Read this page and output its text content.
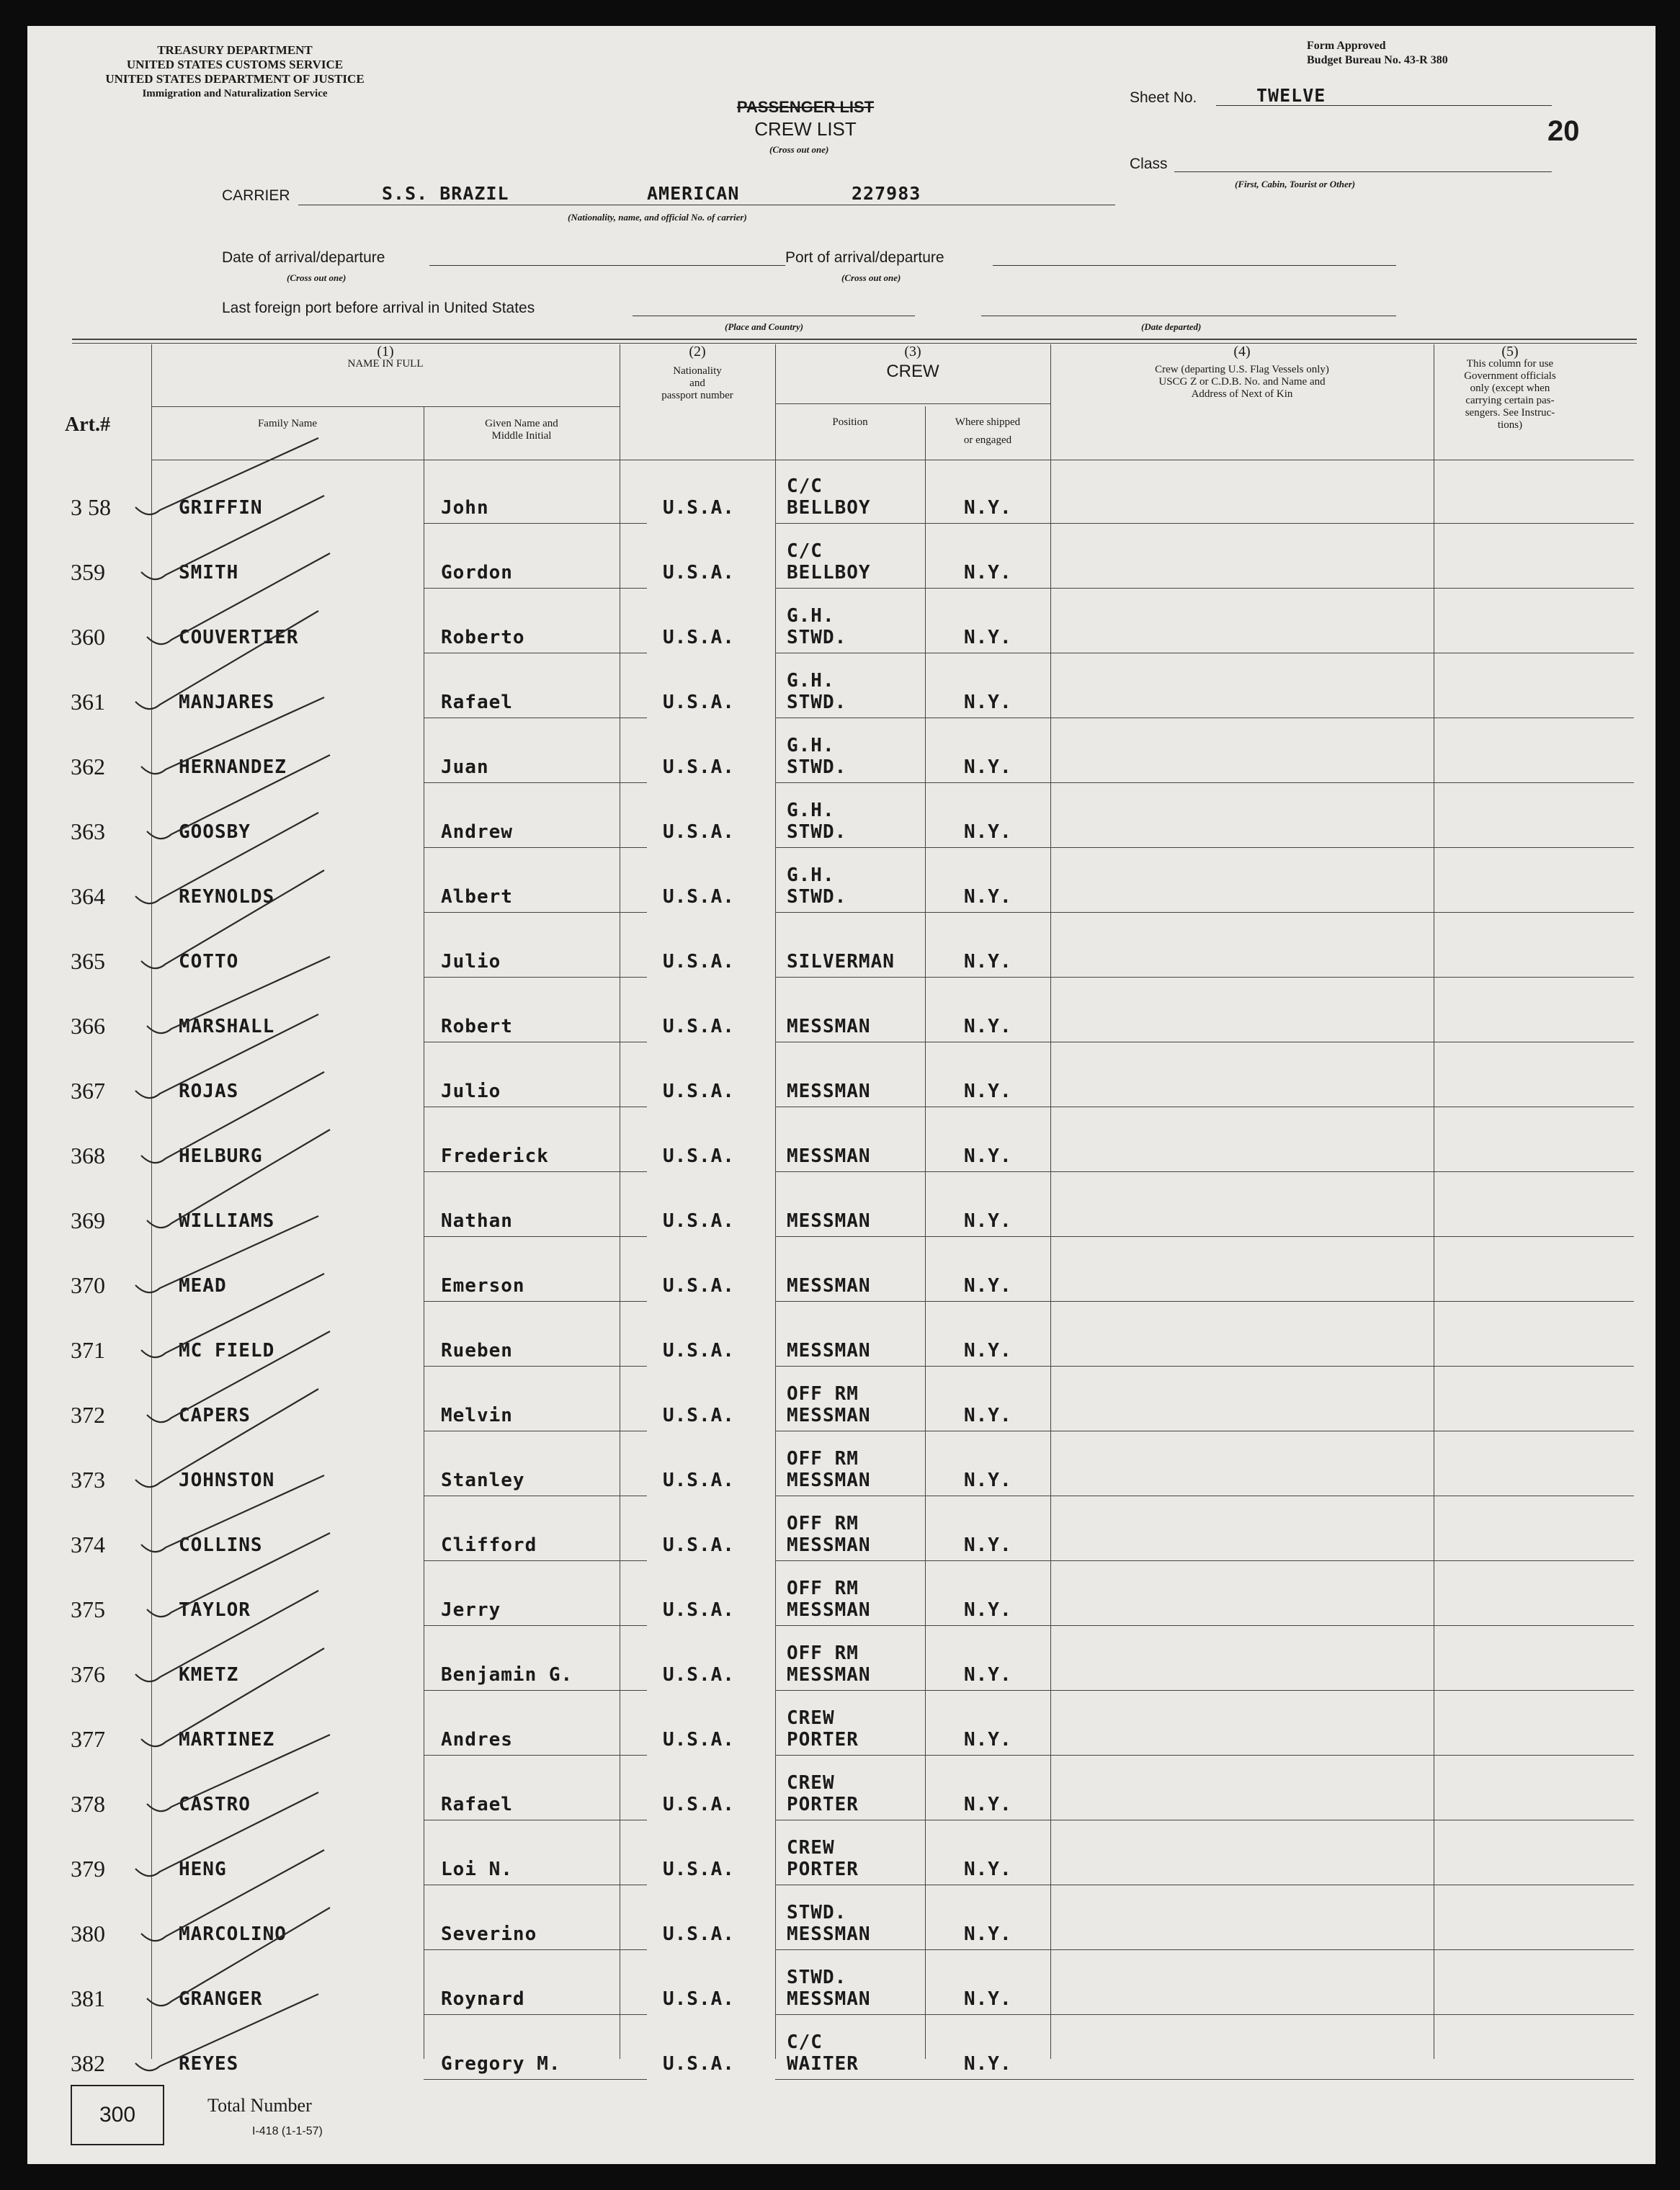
TREASURY DEPARTMENT
UNITED STATES CUSTOMS SERVICE
UNITED STATES DEPARTMENT OF JUSTICE
Immigration and Naturalization Service
Form Approved
Budget Bureau No. 43-R 380
PASSENGER LIST
CREW LIST
(Cross out one)
Sheet No.	TWELVE
20
Class
(First, Cabin, Tourist or Other)
CARRIER	S.S. BRAZIL	AMERICAN	227983
(Nationality, name, and official No. of carrier)
Date of arrival/departure
(Cross out one)
Port of arrival/departure
(Cross out one)
Last foreign port before arrival in United States
(Place and Country)	(Date departed)
(1)
NAME IN FULL
Family Name	Given Name and
Middle Initial
(2)
Nationality
and
passport number
(3)
CREW
Position	Where shipped
or engaged
(4)
Crew (departing U.S. Flag Vessels only)
USCG Z or C.D.B. No. and Name and
Address of Next of Kin
(5)
This column for use
Government officials
only (except when
carrying certain pas-
sengers. See Instruc-
tions)
Art.#
3 58	GRIFFIN	John	U.S.A.
C/C
BELLBOY	N.Y.
359	SMITH	Gordon	U.S.A.
C/C
BELLBOY	N.Y.
360	COUVERTIER	Roberto	U.S.A.
G.H.
STWD.	N.Y.
361	MANJARES	Rafael	U.S.A.
G.H.
STWD.	N.Y.
362	HERNANDEZ	Juan	U.S.A.
G.H.
STWD.	N.Y.
363	GOOSBY	Andrew	U.S.A.
G.H.
STWD.	N.Y.
364	REYNOLDS	Albert	U.S.A.
G.H.
STWD.	N.Y.
365	COTTO	Julio	U.S.A.	SILVERMAN	N.Y.
366	MARSHALL	Robert	U.S.A.	MESSMAN	N.Y.
367	ROJAS	Julio	U.S.A.	MESSMAN	N.Y.
368	HELBURG	Frederick	U.S.A.	MESSMAN	N.Y.
369	WILLIAMS	Nathan	U.S.A.	MESSMAN	N.Y.
370	MEAD	Emerson	U.S.A.	MESSMAN	N.Y.
371	MC FIELD	Rueben	U.S.A.	MESSMAN	N.Y.
372	CAPERS	Melvin	U.S.A.
OFF RM
MESSMAN	N.Y.
373	JOHNSTON	Stanley	U.S.A.
OFF RM
MESSMAN	N.Y.
374	COLLINS	Clifford	U.S.A.
OFF RM
MESSMAN	N.Y.
375	TAYLOR	Jerry	U.S.A.
OFF RM
MESSMAN	N.Y.
376	KMETZ	Benjamin G.	U.S.A.
OFF RM
MESSMAN	N.Y.
377	MARTINEZ	Andres	U.S.A.
CREW
PORTER	N.Y.
378	CASTRO	Rafael	U.S.A.
CREW
PORTER	N.Y.
379	HENG	Loi N.	U.S.A.
CREW
PORTER	N.Y.
380	MARCOLINO	Severino	U.S.A.
STWD.
MESSMAN	N.Y.
381	GRANGER	Roynard	U.S.A.
STWD.
MESSMAN	N.Y.
382	REYES	Gregory M.	U.S.A.
C/C
WAITER	N.Y.
300	Total Number
I-418 (1-1-57)
